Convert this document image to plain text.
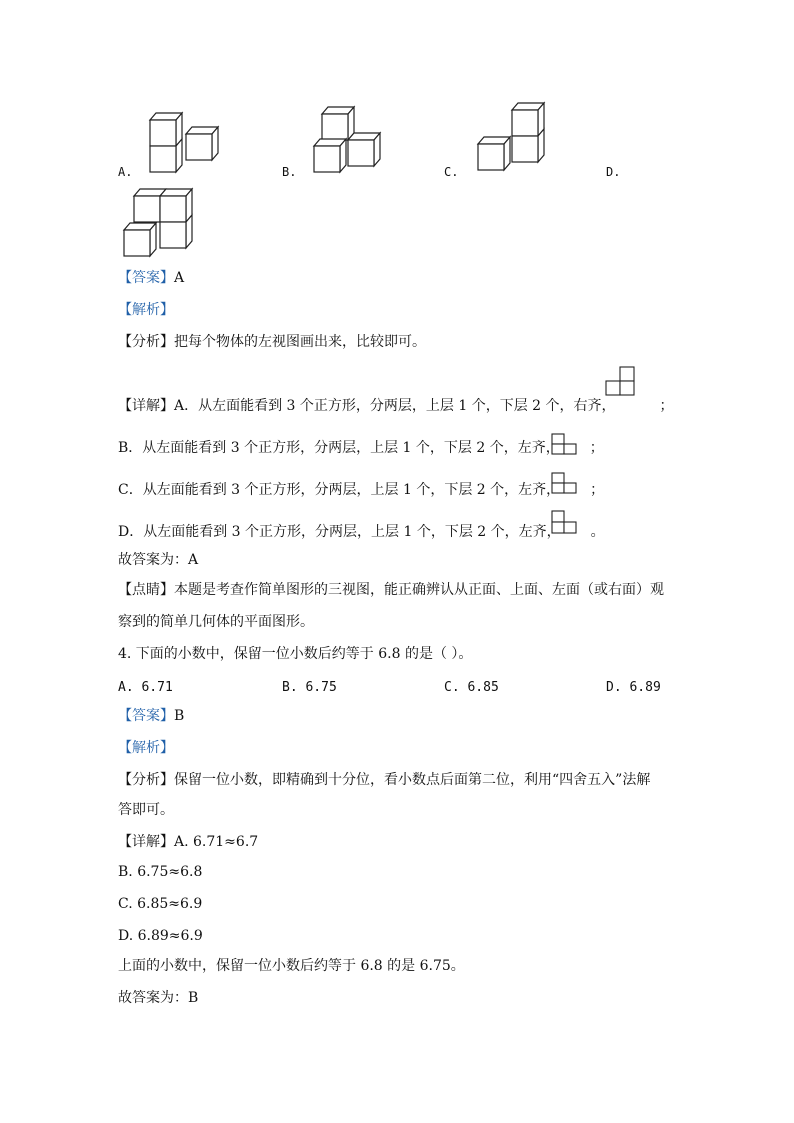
A.	B.	C.	D.
【答案】A
【解析】
【分析】把每个物体的左视图画出来，比较即可。
【详解】A．从左面能看到 3 个正方形，分两层，上层 1 个，下层 2 个，右齐，	；
B．从左面能看到 3 个正方形，分两层，上层 1 个，下层 2 个，左齐， ；
C．从左面能看到 3 个正方形，分两层，上层 1 个，下层 2 个，左齐， ；
D．从左面能看到 3 个正方形，分两层，上层 1 个，下层 2 个，左齐， 。
故答案为：A
【点睛】本题是考查作简单图形的三视图，能正确辨认从正面、上面、左面（或右面）观
察到的简单几何体的平面图形。
4. 下面的小数中，保留一位小数后约等于 6.8 的是（ ）。
A. 6.71	B. 6.75	C. 6.85	D. 6.89
【答案】B
【解析】
【分析】保留一位小数，即精确到十分位，看小数点后面第二位，利用“四舍五入”法解
答即可。
【详解】A. 6.71≈6.7
B. 6.75≈6.8
C. 6.85≈6.9
D. 6.89≈6.9
上面的小数中，保留一位小数后约等于 6.8 的是 6.75。
故答案为：B
